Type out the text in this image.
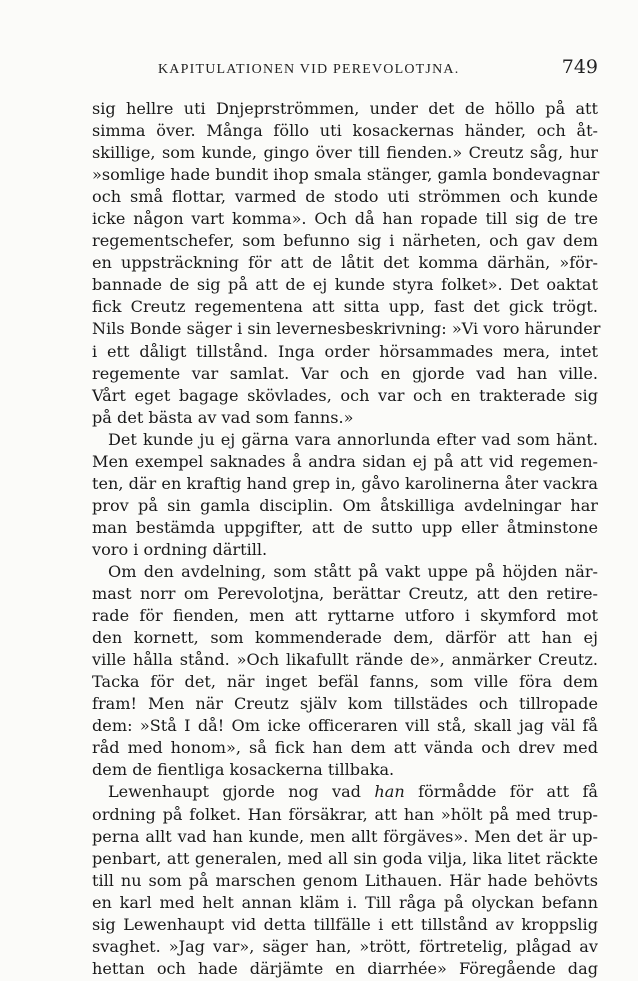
KAPITULATIONEN VID PEREVOLOTJNA.	749
sig hellre uti Dnjeprströmmen, under det de höllo på att
simma över. Många föllo uti kosackernas händer, och åt-
skillige, som kunde, gingo över till fienden.» Creutz såg, hur
»somlige hade bundit ihop smala stänger, gamla bondevagnar
och små flottar, varmed de stodo uti strömmen och kunde
icke någon vart komma». Och då han ropade till sig de tre
regementschefer, som befunno sig i närheten, och gav dem
en uppsträckning för att de låtit det komma därhän, »för-
bannade de sig på att de ej kunde styra folket». Det oaktat
fick Creutz regementena att sitta upp, fast det gick trögt.
Nils Bonde säger i sin levernesbeskrivning: »Vi voro härunder
i ett dåligt tillstånd. Inga order hörsammades mera, intet
regemente var samlat. Var och en gjorde vad han ville.
Vårt eget bagage skövlades, och var och en trakterade sig
på det bästa av vad som fanns.»
Det kunde ju ej gärna vara annorlunda efter vad som hänt.
Men exempel saknades å andra sidan ej på att vid regemen-
ten, där en kraftig hand grep in, gåvo karolinerna åter vackra
prov på sin gamla disciplin. Om åtskilliga avdelningar har
man bestämda uppgifter, att de sutto upp eller åtminstone
voro i ordning därtill.
Om den avdelning, som stått på vakt uppe på höjden när-
mast norr om Perevolotjna, berättar Creutz, att den retire-
rade för fienden, men att ryttarne utforo i skymford mot
den kornett, som kommenderade dem, därför att han ej
ville hålla stånd. »Och likafullt rände de», anmärker Creutz.
Tacka för det, när inget befäl fanns, som ville föra dem
fram! Men när Creutz själv kom tillstädes och tillropade
dem: »Stå I då! Om icke officeraren vill stå, skall jag väl få
råd med honom», så fick han dem att vända och drev med
dem de fientliga kosackerna tillbaka.
Lewenhaupt gjorde nog vad han förmådde för att få
ordning på folket. Han försäkrar, att han »hölt på med trup-
perna allt vad han kunde, men allt förgäves». Men det är up-
penbart, att generalen, med all sin goda vilja, lika litet räckte
till nu som på marschen genom Lithauen. Här hade behövts
en karl med helt annan kläm i. Till råga på olyckan befann
sig Lewenhaupt vid detta tillfälle i ett tillstånd av kroppslig
svaghet. »Jag var», säger han, »trött, förtretelig, plågad av
hettan och hade därjämte en diarrhée» Föregående dag
